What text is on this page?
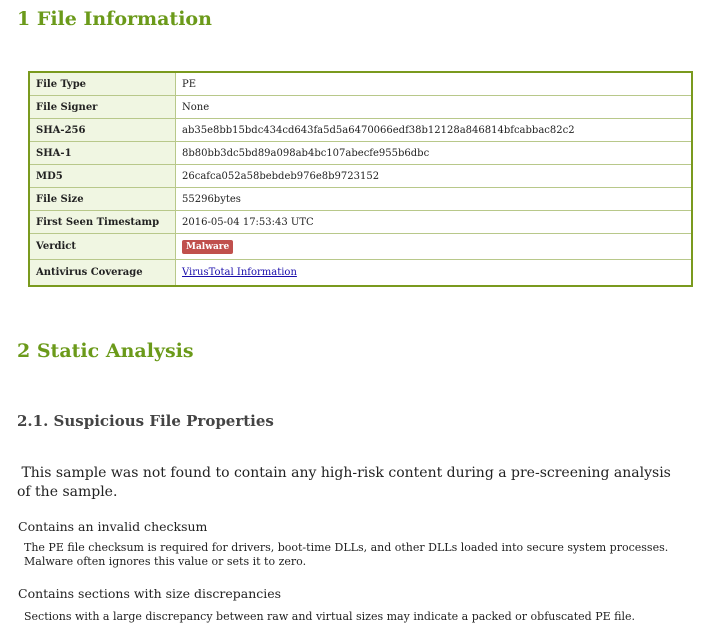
1 File Information
File Type	PE
File Signer	None
SHA-256	ab35e8bb15bdc434cd643fa5d5a6470066edf38b12128a846814bfcabbac82c2
SHA-1	8b80bb3dc5bd89a098ab4bc107abecfe955b6dbc
MD5	26cafca052a58bebdeb976e8b9723152
File Size	55296bytes
First Seen Timestamp	2016-05-04 17:53:43 UTC
Verdict	Malware
Antivirus Coverage	VirusTotal Information
2 Static Analysis
2.1. Suspicious File Properties

This sample was not found to contain any high-risk content during a pre-screening analysis of the sample.

Contains an invalid checksum

The PE file checksum is required for drivers, boot-time DLLs, and other DLLs loaded into secure system processes. Malware often ignores this value or sets it to zero.

Contains sections with size discrepancies

Sections with a large discrepancy between raw and virtual sizes may indicate a packed or obfuscated PE file.
